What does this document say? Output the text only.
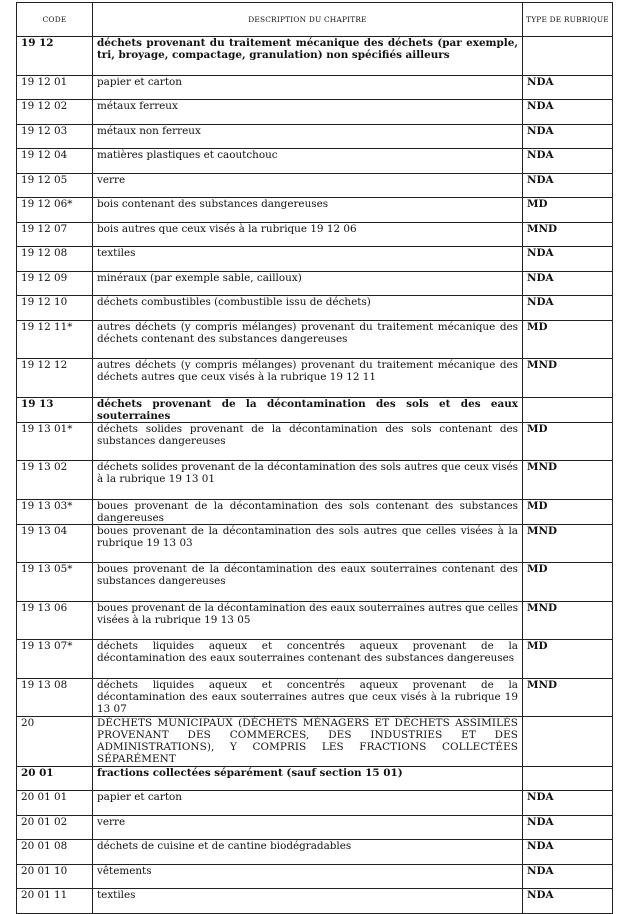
CODE	DESCRIPTION DU CHAPITRE	TYPE DE RUBRIQUE
19 12	déchets provenant du traitement mécanique des déchets (par exemple, tri, broyage, compactage, granulation) non spécifiés ailleurs	
19 12 01	papier et carton	NDA
19 12 02	métaux ferreux	NDA
19 12 03	métaux non ferreux	NDA
19 12 04	matières plastiques et caoutchouc	NDA
19 12 05	verre	NDA
19 12 06*	bois contenant des substances dangereuses	MD
19 12 07	bois autres que ceux visés à la rubrique 19 12 06	MND
19 12 08	textiles	NDA
19 12 09	minéraux (par exemple sable, cailloux)	NDA
19 12 10	déchets combustibles (combustible issu de déchets)	NDA
19 12 11*	autres déchets (y compris mélanges) provenant du traitement mécanique des déchets contenant des substances dangereuses	MD
19 12 12	autres déchets (y compris mélanges) provenant du traitement mécanique des déchets autres que ceux visés à la rubrique 19 12 11	MND
19 13	déchets provenant de la décontamination des sols et des eaux souterraines	
19 13 01*	déchets solides provenant de la décontamination des sols contenant des substances dangereuses	MD
19 13 02	déchets solides provenant de la décontamination des sols autres que ceux visés à la rubrique 19 13 01	MND
19 13 03*	boues provenant de la décontamination des sols contenant des substances dangereuses	MD
19 13 04	boues provenant de la décontamination des sols autres que celles visées à la rubrique 19 13 03	MND
19 13 05*	boues provenant de la décontamination des eaux souterraines contenant des substances dangereuses	MD
19 13 06	boues provenant de la décontamination des eaux souterraines autres que celles visées à la rubrique 19 13 05	MND
19 13 07*	déchets liquides aqueux et concentrés aqueux provenant de la décontamination des eaux souterraines contenant des substances dangereuses	MD
19 13 08	déchets liquides aqueux et concentrés aqueux provenant de la décontamination des eaux souterraines autres que ceux visés à la rubrique 19 13 07	MND
20	DÉCHETS MUNICIPAUX (DÉCHETS MÉNAGERS ET DÉCHETS ASSIMILÉS PROVENANT DES COMMERCES, DES INDUSTRIES ET DES ADMINISTRATIONS), Y COMPRIS LES FRACTIONS COLLECTÉES SÉPARÉMENT	
20 01	fractions collectées séparément (sauf section 15 01)	
20 01 01	papier et carton	NDA
20 01 02	verre	NDA
20 01 08	déchets de cuisine et de cantine biodégradables	NDA
20 01 10	vêtements	NDA
20 01 11	textiles	NDA
